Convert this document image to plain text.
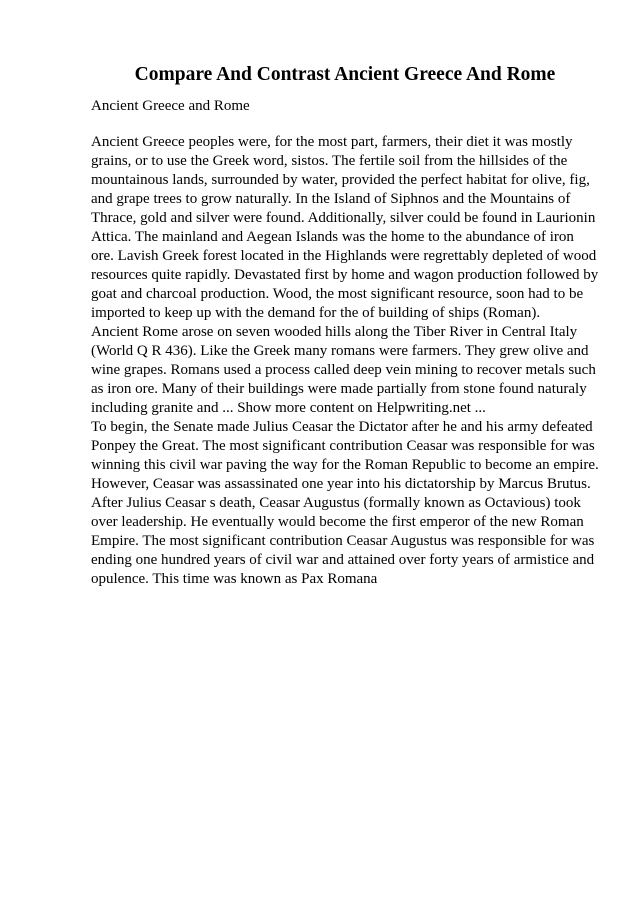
Compare And Contrast Ancient Greece And Rome

Ancient Greece and Rome

Ancient Greece peoples were, for the most part, farmers, their diet it was mostly
grains, or to use the Greek word, sistos. The fertile soil from the hillsides of the
mountainous lands, surrounded by water, provided the perfect habitat for olive, fig,
and grape trees to grow naturally. In the Island of Siphnos and the Mountains of
Thrace, gold and silver were found. Additionally, silver could be found in Laurionin
Attica. The mainland and Aegean Islands was the home to the abundance of iron
ore. Lavish Greek forest located in the Highlands were regrettably depleted of wood
resources quite rapidly. Devastated first by home and wagon production followed by
goat and charcoal production. Wood, the most significant resource, soon had to be
imported to keep up with the demand for the of building of ships (Roman).
Ancient Rome arose on seven wooded hills along the Tiber River in Central Italy
(World Q R 436). Like the Greek many romans were farmers. They grew olive and
wine grapes. Romans used a process called deep vein mining to recover metals such
as iron ore. Many of their buildings were made partially from stone found naturaly
including granite and ... Show more content on Helpwriting.net ...
To begin, the Senate made Julius Ceasar the Dictator after he and his army defeated
Ponpey the Great. The most significant contribution Ceasar was responsible for was
winning this civil war paving the way for the Roman Republic to become an empire.
However, Ceasar was assassinated one year into his dictatorship by Marcus Brutus.
After Julius Ceasar s death, Ceasar Augustus (formally known as Octavious) took
over leadership. He eventually would become the first emperor of the new Roman
Empire. The most significant contribution Ceasar Augustus was responsible for was
ending one hundred years of civil war and attained over forty years of armistice and
opulence. This time was known as Pax Romana
